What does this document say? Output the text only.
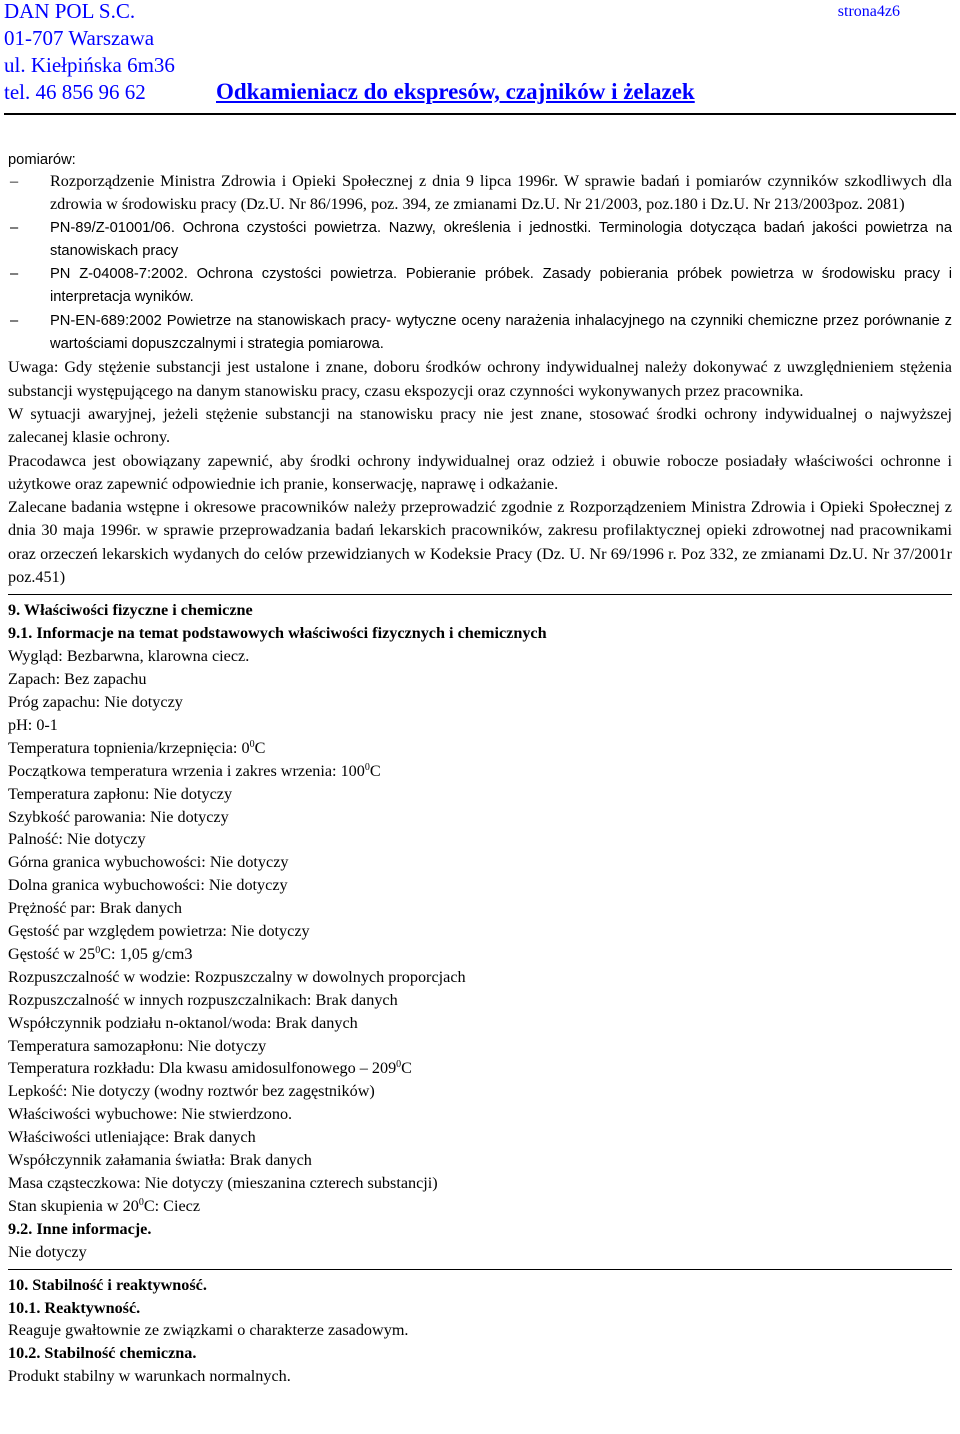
DAN POL S.C.
01-707 Warszawa
ul. Kiełpińska 6m36
tel. 46 856 96 62
strona4z6
Odkamieniacz do ekspresów, czajników i żelazek

pomiarów:

– Rozporządzenie Ministra Zdrowia i Opieki Społecznej z dnia 9 lipca 1996r. W sprawie badań i pomiarów czynników szkodliwych dla zdrowia w środowisku pracy (Dz.U. Nr 86/1996, poz. 394, ze zmianami Dz.U. Nr 21/2003, poz.180 i Dz.U. Nr 213/2003poz. 2081)
– PN-89/Z-01001/06. Ochrona czystości powietrza. Nazwy, określenia i jednostki. Terminologia dotycząca badań jakości powietrza na stanowiskach pracy
– PN Z-04008-7:2002. Ochrona czystości powietrza. Pobieranie próbek. Zasady pobierania próbek powietrza w środowisku pracy i interpretacja wyników.
– PN-EN-689:2002 Powietrze na stanowiskach pracy- wytyczne oceny narażenia inhalacyjnego na czynniki chemiczne przez porównanie z wartościami dopuszczalnymi i strategia pomiarowa.

Uwaga: Gdy stężenie substancji jest ustalone i znane, doboru środków ochrony indywidualnej należy dokonywać z uwzględnieniem stężenia substancji występującego na danym stanowisku pracy, czasu ekspozycji oraz czynności wykonywanych przez pracownika.

W sytuacji awaryjnej, jeżeli stężenie substancji na stanowisku pracy nie jest znane, stosować środki ochrony indywidualnej o najwyższej zalecanej klasie ochrony.

Pracodawca jest obowiązany zapewnić, aby środki ochrony indywidualnej oraz odzież i obuwie robocze posiadały właściwości ochronne i użytkowe oraz zapewnić odpowiednie ich pranie, konserwację, naprawę i odkażanie.

Zalecane badania wstępne i okresowe pracowników należy przeprowadzić zgodnie z Rozporządzeniem Ministra Zdrowia i Opieki Społecznej z dnia 30 maja 1996r. w sprawie przeprowadzania badań lekarskich pracowników, zakresu profilaktycznej opieki zdrowotnej nad pracownikami oraz orzeczeń lekarskich wydanych do celów przewidzianych w Kodeksie Pracy (Dz. U. Nr 69/1996 r. Poz 332, ze zmianami Dz.U. Nr 37/2001r poz.451)

9. Właściwości fizyczne i chemiczne

9.1. Informacje na temat podstawowych właściwości fizycznych i chemicznych

Wygląd: Bezbarwna, klarowna ciecz.

Zapach: Bez zapachu

Próg zapachu: Nie dotyczy

pH: 0-1

Temperatura topnienia/krzepnięcia: $0^0C$

Początkowa temperatura wrzenia i zakres wrzenia: $100^0C$

Temperatura zapłonu: Nie dotyczy

Szybkość parowania: Nie dotyczy

Palność: Nie dotyczy

Górna granica wybuchowości: Nie dotyczy

Dolna granica wybuchowości: Nie dotyczy

Prężność par: Brak danych

Gęstość par względem powietrza: Nie dotyczy

Gęstość w $25^0C$: 1,05 g/cm3

Rozpuszczalność w wodzie: Rozpuszczalny w dowolnych proporcjach

Rozpuszczalność w innych rozpuszczalnikach: Brak danych

Współczynnik podziału n-oktanol/woda: Brak danych

Temperatura samozapłonu: Nie dotyczy

Temperatura rozkładu: Dla kwasu amidosulfonowego – $209^0C$

Lepkość: Nie dotyczy (wodny roztwór bez zagęstników)

Właściwości wybuchowe: Nie stwierdzono.

Właściwości utleniające: Brak danych

Współczynnik załamania światła: Brak danych

Masa cząsteczkowa: Nie dotyczy (mieszanina czterech substancji)

Stan skupienia w $20^0C$: Ciecz

9.2. Inne informacje.

Nie dotyczy

10. Stabilność i reaktywność.

10.1. Reaktywność.

Reaguje gwałtownie ze związkami o charakterze zasadowym.

10.2. Stabilność chemiczna.

Produkt stabilny w warunkach normalnych.
